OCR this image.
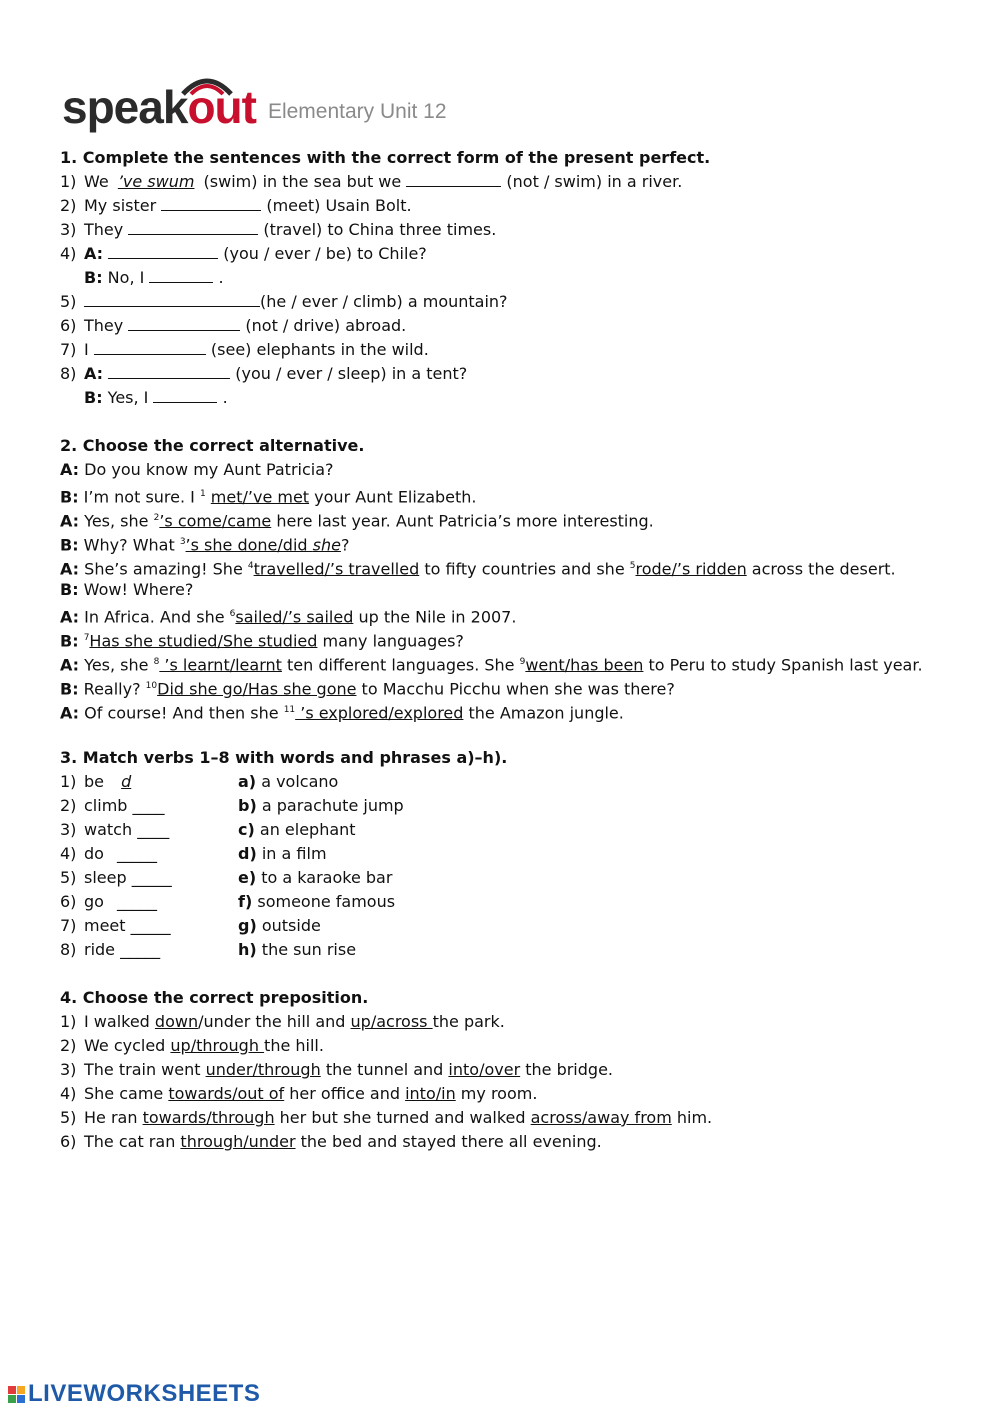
speakout Elementary Unit 12
1. Complete the sentences with the correct form of the present perfect.
1) We ’ve swum (swim) in the sea but we	(not / swim) in a river.
2) My sister	(meet) Usain Bolt.
3) They	(travel) to China three times.
4) A:	(you / ever / be) to Chile?
B: No, I	.
5)	(he / ever / climb) a mountain?
6) They	(not / drive) abroad.
7) I	(see) elephants in the wild.
8) A:	(you / ever / sleep) in a tent?
B: Yes, I	.
2. Choose the correct alternative.
A: Do you know my Aunt Patricia?
B: I’m not sure. I $^1$ met/’ve met your Aunt Elizabeth.
A: Yes, she $^2$’s come/came here last year. Aunt Patricia’s more interesting.
B: Why? What $^3$’s she done/did she?
A: She’s amazing! She $^4$travelled/’s travelled to fifty countries and she $^5$rode/’s ridden across the desert.
B: Wow! Where?
A: In Africa. And she $^6$sailed/’s sailed up the Nile in 2007.
B: $^7$Has she studied/She studied many languages?
A: Yes, she $^8$ ’s learnt/learnt ten different languages. She $^9$went/has been to Peru to study Spanish last year.
B: Really? $^{10}$Did she go/Has she gone to Macchu Picchu when she was there?
A: Of course! And then she $^{11}$ ’s explored/explored the Amazon jungle.
3. Match verbs 1–8 with words and phrases a)–h).
1) be d	a) a volcano
2) climb ____	b) a parachute jump
3) watch ____	c) an elephant
4) do _____	d) in a film
5) sleep _____	e) to a karaoke bar
6) go _____	f) someone famous
7) meet _____	g) outside
8) ride _____	h) the sun rise
4. Choose the correct preposition.
1) I walked down/under the hill and up/across the park.
2) We cycled up/through the hill.
3) The train went under/through the tunnel and into/over the bridge.
4) She came towards/out of her office and into/in my room.
5) He ran towards/through her but she turned and walked across/away from him.
6) The cat ran through/under the bed and stayed there all evening.
LIVEWORKSHEETS
